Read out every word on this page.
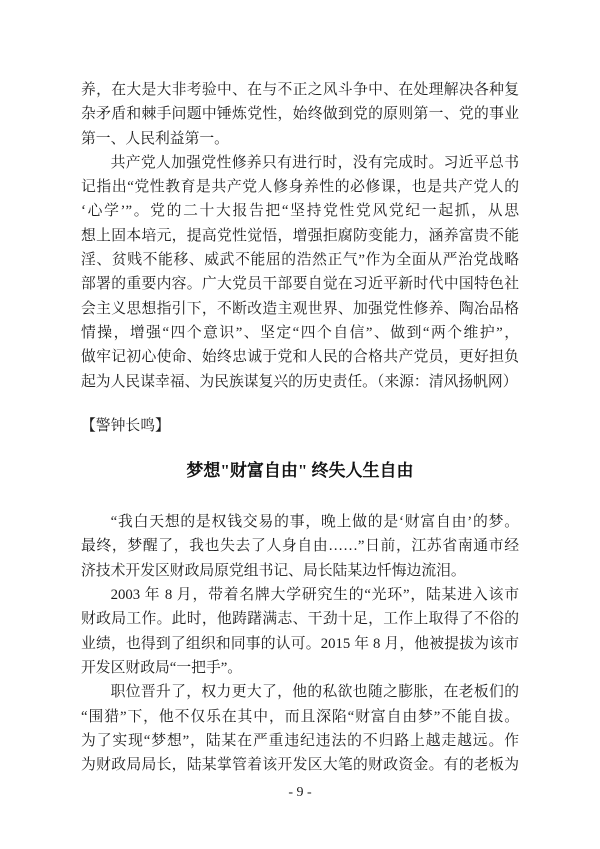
养，在大是大非考验中、在与不正之风斗争中、在处理解决各种复
杂矛盾和棘手问题中锤炼党性，始终做到党的原则第一、党的事业
第一、人民利益第一。
共产党人加强党性修养只有进行时，没有完成时。习近平总书
记指出“党性教育是共产党人修身养性的必修课，也是共产党人的
‘心学’”。党的二十大报告把“坚持党性党风党纪一起抓，从思
想上固本培元，提高党性觉悟，增强拒腐防变能力，涵养富贵不能
淫、贫贱不能移、威武不能屈的浩然正气”作为全面从严治党战略
部署的重要内容。广大党员干部要自觉在习近平新时代中国特色社
会主义思想指引下，不断改造主观世界、加强党性修养、陶冶品格
情操，增强“四个意识”、坚定“四个自信”、做到“两个维护”，
做牢记初心使命、始终忠诚于党和人民的合格共产党员，更好担负
起为人民谋幸福、为民族谋复兴的历史责任。（来源：清风扬帆网）
【警钟长鸣】
梦想"财富自由" 终失人生自由
“我白天想的是权钱交易的事，晚上做的是‘财富自由’的梦。
最终，梦醒了，我也失去了人身自由……”日前，江苏省南通市经
济技术开发区财政局原党组书记、局长陆某边忏悔边流泪。
2003 年 8 月，带着名牌大学研究生的“光环”，陆某进入该市
财政局工作。此时，他踌躇满志、干劲十足，工作上取得了不俗的
业绩，也得到了组织和同事的认可。2015 年 8 月，他被提拔为该市
开发区财政局“一把手”。
职位晋升了，权力更大了，他的私欲也随之膨胀，在老板们的
“围猎”下，他不仅乐在其中，而且深陷“财富自由梦”不能自拔。
为了实现“梦想”，陆某在严重违纪违法的不归路上越走越远。作
为财政局局长，陆某掌管着该开发区大笔的财政资金。有的老板为
- 9 -
